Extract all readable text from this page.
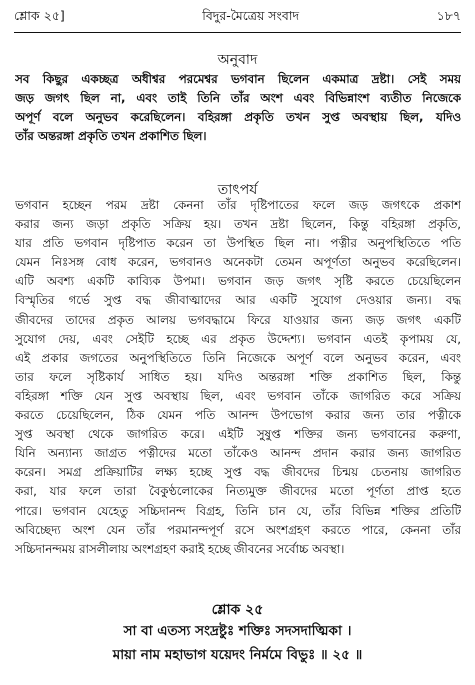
শ্লোক ২৫]	বিদুর-মৈত্রেয় সংবাদ	১৮৭
অনুবাদ
সব কিছুর একচ্ছত্র অধীশ্বর পরমেশ্বর ভগবান ছিলেন একমাত্র দ্রষ্টা। সেই সময়
জড় জগৎ ছিল না, এবং তাই তিনি তাঁর অংশ এবং বিভিন্নাংশ ব্যতীত নিজেকে
অপূর্ণ বলে অনুভব করেছিলেন। বহিরঙ্গা প্রকৃতি তখন সুপ্ত অবস্থায় ছিল, যদিও
তাঁর অন্তরঙ্গা প্রকৃতি তখন প্রকাশিত ছিল।
তাৎপর্য
ভগবান হচ্ছেন পরম দ্রষ্টা কেননা তাঁর দৃষ্টিপাতের ফলে জড় জগৎকে প্রকাশ
করার জন্য জড়া প্রকৃতি সক্রিয় হয়। তখন দ্রষ্টা ছিলেন, কিন্তু বহিরঙ্গা প্রকৃতি,
যার প্রতি ভগবান দৃষ্টিপাত করেন তা উপস্থিত ছিল না। পত্নীর অনুপস্থিতিতে পতি
যেমন নিঃসঙ্গ বোধ করেন, ভগবানও অনেকটা তেমন অপূর্ণতা অনুভব করেছিলেন।
এটি অবশ্য একটি কাব্যিক উপমা। ভগবান জড় জগৎ সৃষ্টি করতে চেয়েছিলেন
বিস্মৃতির গর্ভে সুপ্ত বদ্ধ জীবাত্মাদের আর একটি সুযোগ দেওয়ার জন্য। বদ্ধ
জীবদের তাদের প্রকৃত আলয় ভগবদ্ধামে ফিরে যাওয়ার জন্য জড় জগৎ একটি
সুযোগ দেয়, এবং সেইটি হচ্ছে এর প্রকৃত উদ্দেশ্য। ভগবান এতই কৃপাময় যে,
এই প্রকার জগতের অনুপস্থিতিতে তিনি নিজেকে অপূর্ণ বলে অনুভব করেন, এবং
তার ফলে সৃষ্টিকার্য সাধিত হয়। যদিও অন্তরঙ্গা শক্তি প্রকাশিত ছিল, কিন্তু
বহিরঙ্গা শক্তি যেন সুপ্ত অবস্থায় ছিল, এবং ভগবান তাঁকে জাগরিত করে সক্রিয়
করতে চেয়েছিলেন, ঠিক যেমন পতি আনন্দ উপভোগ করার জন্য তার পত্নীকে
সুপ্ত অবস্থা থেকে জাগরিত করে। এইটি সুষুপ্ত শক্তির জন্য ভগবানের করুণা,
যিনি অন্যান্য জাগ্রত পত্নীদের মতো তাঁকেও আনন্দ প্রদান করার জন্য জাগরিত
করেন। সমগ্র প্রক্রিয়াটির লক্ষ্য হচ্ছে সুপ্ত বদ্ধ জীবদের চিন্ময় চেতনায় জাগরিত
করা, যার ফলে তারা বৈকুণ্ঠলোকের নিত্যমুক্ত জীবদের মতো পূর্ণতা প্রাপ্ত হতে
পারে। ভগবান যেহেতু সচ্চিদানন্দ বিগ্রহ, তিনি চান যে, তাঁর বিভিন্ন শক্তির প্রতিটি
অবিচ্ছেদ্য অংশ যেন তাঁর পরমানন্দপূর্ণ রসে অংশগ্রহণ করতে পারে, কেননা তাঁর
সচ্চিদানন্দময় রাসলীলায় অংশগ্রহণ করাই হচ্ছে জীবনের সর্বোচ্চ অবস্থা।
শ্লোক ২৫
সা বা এতস্য সংদ্রষ্টুঃ শক্তিঃ সদসদাত্মিকা ।
মায়া নাম মহাভাগ যয়েদং নির্মমে বিভুঃ ॥ ২৫ ॥
